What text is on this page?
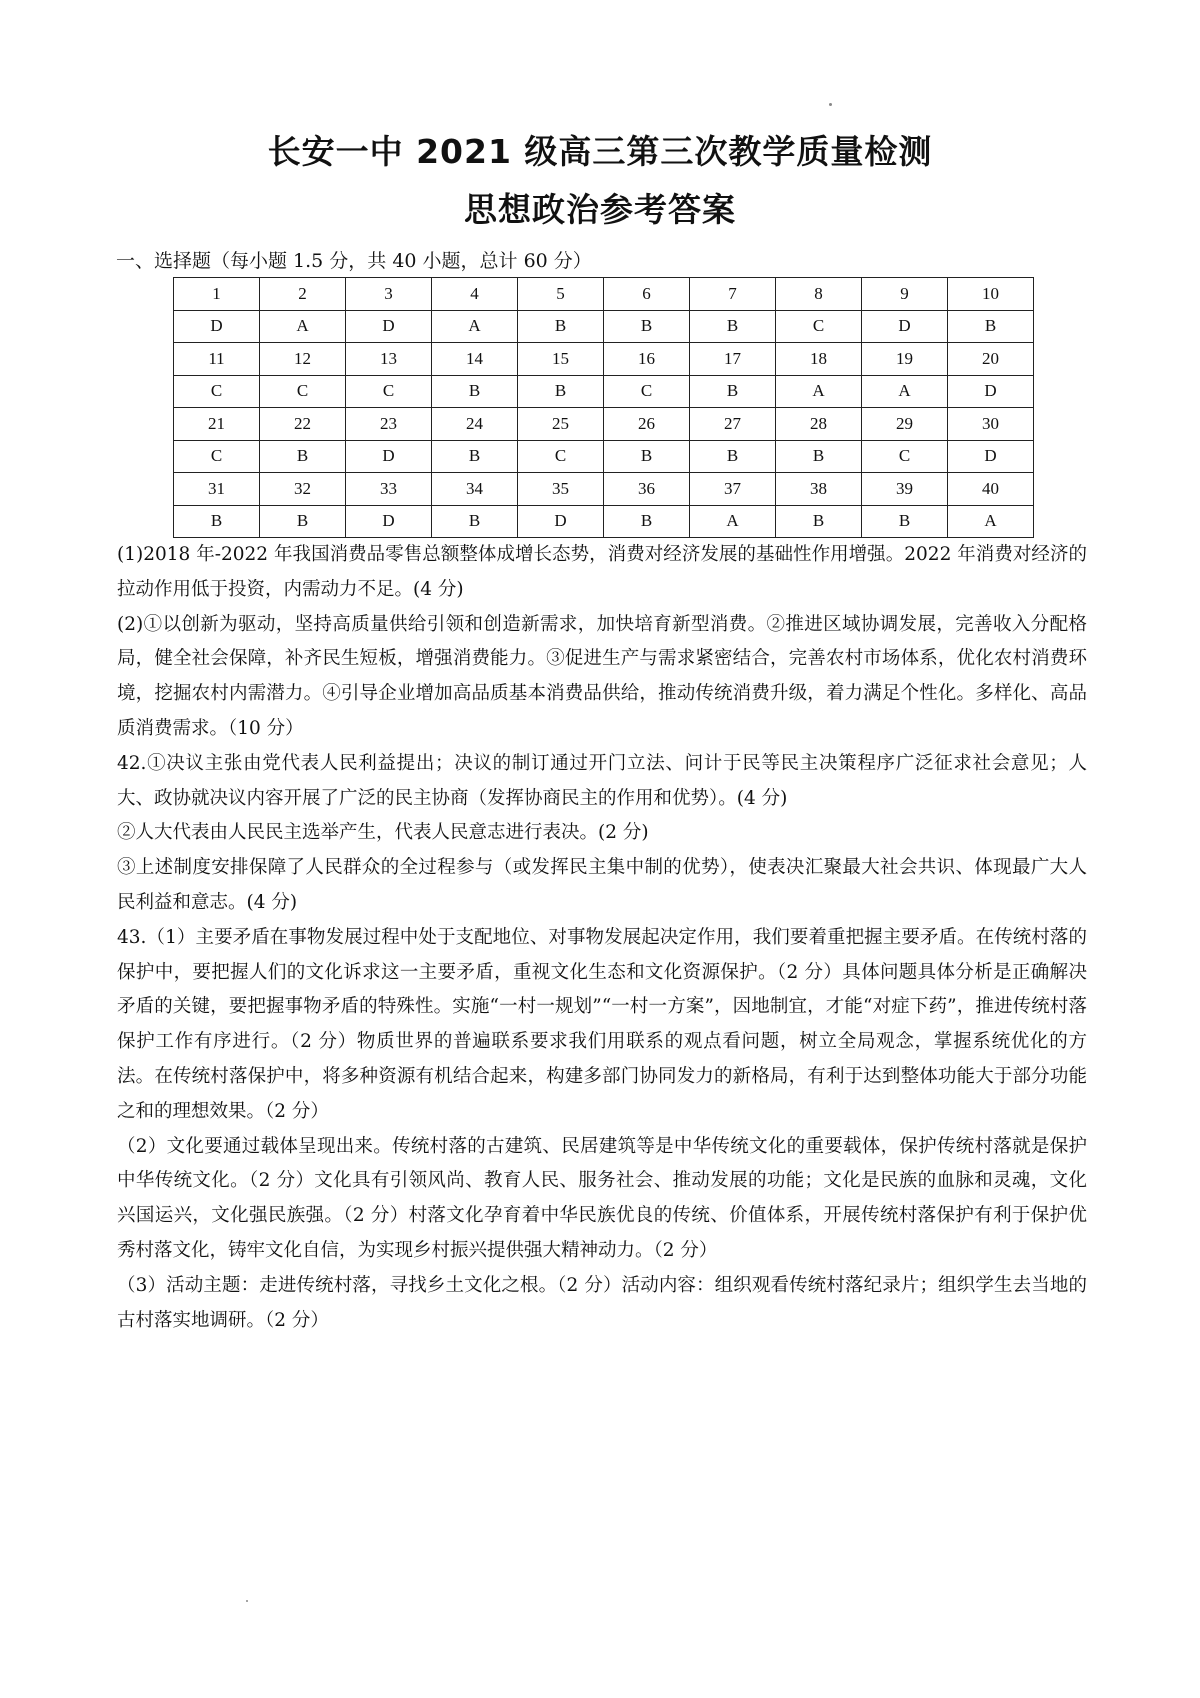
长安一中 2021 级高三第三次教学质量检测
思想政治参考答案
一、选择题（每小题 1.5 分，共 40 小题，总计 60 分）
1	2	3	4	5	6	7	8	9	10
D	A	D	A	B	B	B	C	D	B
11	12	13	14	15	16	17	18	19	20
C	C	C	B	B	C	B	A	A	D
21	22	23	24	25	26	27	28	29	30
C	B	D	B	C	B	B	B	C	D
31	32	33	34	35	36	37	38	39	40
B	B	D	B	D	B	A	B	B	A

(1)2018 年-2022 年我国消费品零售总额整体成增长态势，消费对经济发展的基础性作用增强。2022 年消费对经济的拉动作用低于投资，内需动力不足。(4 分)

(2)①以创新为驱动，坚持高质量供给引领和创造新需求，加快培育新型消费。②推进区域协调发展，完善收入分配格局，健全社会保障，补齐民生短板，增强消费能力。③促进生产与需求紧密结合，完善农村市场体系，优化农村消费环境，挖掘农村内需潜力。④引导企业增加高品质基本消费品供给，推动传统消费升级，着力满足个性化。多样化、高品质消费需求。（10 分）

42.①决议主张由党代表人民利益提出；决议的制订通过开门立法、问计于民等民主决策程序广泛征求社会意见；人大、政协就决议内容开展了广泛的民主协商（发挥协商民主的作用和优势）。(4 分)

②人大代表由人民民主选举产生，代表人民意志进行表决。(2 分)

③上述制度安排保障了人民群众的全过程参与（或发挥民主集中制的优势），使表决汇聚最大社会共识、体现最广大人民利益和意志。(4 分)

43.（1）主要矛盾在事物发展过程中处于支配地位、对事物发展起决定作用，我们要着重把握主要矛盾。在传统村落的保护中，要把握人们的文化诉求这一主要矛盾，重视文化生态和文化资源保护。（2 分）具体问题具体分析是正确解决矛盾的关键，要把握事物矛盾的特殊性。实施“一村一规划”“一村一方案”，因地制宜，才能“对症下药”，推进传统村落保护工作有序进行。（2 分）物质世界的普遍联系要求我们用联系的观点看问题，树立全局观念，掌握系统优化的方法。在传统村落保护中，将多种资源有机结合起来，构建多部门协同发力的新格局，有利于达到整体功能大于部分功能之和的理想效果。（2 分）

（2）文化要通过载体呈现出来。传统村落的古建筑、民居建筑等是中华传统文化的重要载体，保护传统村落就是保护中华传统文化。（2 分）文化具有引领风尚、教育人民、服务社会、推动发展的功能；文化是民族的血脉和灵魂，文化兴国运兴，文化强民族强。（2 分）村落文化孕育着中华民族优良的传统、价值体系，开展传统村落保护有利于保护优秀村落文化，铸牢文化自信，为实现乡村振兴提供强大精神动力。（2 分）

（3）活动主题：走进传统村落，寻找乡土文化之根。（2 分）活动内容：组织观看传统村落纪录片；组织学生去当地的古村落实地调研。（2 分）
